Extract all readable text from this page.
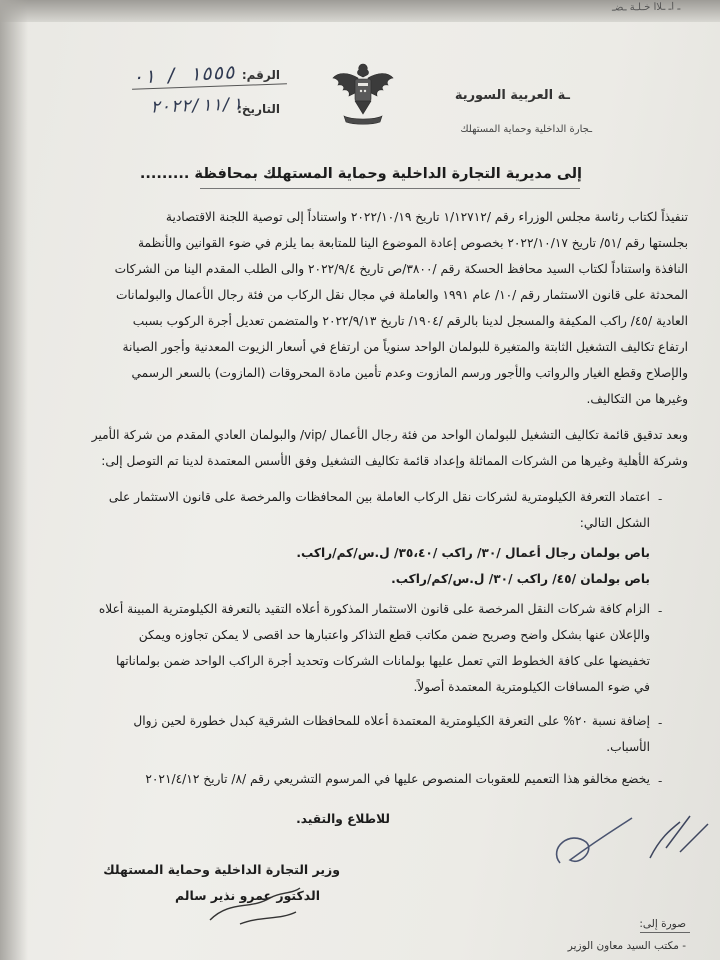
ـ اـ ـلاا خـلـة ـضـ
ـة العربية السورية
ـجارة الداخلية وحماية المستهلك
الرقم:
١٥٥٥ / ٠١
التاريخ:
٢٠٢٢/١١/١
إلى مديرية التجارة الداخلية وحماية المستهلك بمحافظة .........
تنفيذاً لكتاب رئاسة مجلس الوزراء رقم /١/١٢٧١٢ تاريخ ٢٠٢٢/١٠/١٩ واستناداً إلى توصية اللجنة الاقتصادية
بجلستها رقم /٥١/ تاريخ ٢٠٢٢/١٠/١٧ بخصوص إعادة الموضوع الينا للمتابعة بما يلزم في ضوء القوانين والأنظمة
النافذة واستناداً لكتاب السيد محافظ الحسكة رقم /٣٨٠٠/ص تاريخ ٢٠٢٢/٩/٤ والى الطلب المقدم الينا من الشركات
المحدثة على قانون الاستثمار رقم /١٠/ عام ١٩٩١ والعاملة في مجال نقل الركاب من فئة رجال الأعمال والبولمانات
العادية /٤٥/ راكب المكيفة والمسجل لدينا بالرقم /١٩٠٤/ تاريخ ٢٠٢٢/٩/١٣ والمتضمن تعديل أجرة الركوب بسبب
ارتفاع تكاليف التشغيل الثابتة والمتغيرة للبولمان الواحد سنوياً من ارتفاع في أسعار الزيوت المعدنية وأجور الصيانة
والإصلاح وقطع الغيار والرواتب والأجور ورسم المازوت وعدم تأمين مادة المحروقات (المازوت) بالسعر الرسمي
وغيرها من التكاليف.
وبعد تدقيق قائمة تكاليف التشغيل للبولمان الواحد من فئة رجال الأعمال /vip/ والبولمان العادي المقدم من شركة الأمير
وشركة الأهلية وغيرها من الشركات المماثلة وإعداد قائمة تكاليف التشغيل وفق الأسس المعتمدة لدينا تم التوصل إلى:
-
اعتماد التعرفة الكيلومترية لشركات نقل الركاب العاملة بين المحافظات والمرخصة على قانون الاستثمار على
الشكل التالي:
باص بولمان رجال أعمال /٣٠/ راكب /٣٥،٤٠/ ل.س/كم/راكب.
باص بولمان /٤٥/ راكب /٣٠/ ل.س/كم/راكب.
-
الزام كافة شركات النقل المرخصة على قانون الاستثمار المذكورة أعلاه التقيد بالتعرفة الكيلومترية المبينة أعلاه
والإعلان عنها بشكل واضح وصريح ضمن مكاتب قطع التذاكر واعتبارها حد اقصى لا يمكن تجاوزه ويمكن
تخفيضها على كافة الخطوط التي تعمل عليها بولمانات الشركات وتحديد أجرة الراكب الواحد ضمن بولماناتها
في ضوء المسافات الكيلومترية المعتمدة أصولاً.
-
إضافة نسبة ٢٠% على التعرفة الكيلومترية المعتمدة أعلاه للمحافظات الشرقية كبدل خطورة لحين زوال
الأسباب.
-
يخضع مخالفو هذا التعميم للعقوبات المنصوص عليها في المرسوم التشريعي رقم /٨/ تاريخ ٢٠٢١/٤/١٢
للاطلاع والتقيد.
وزير التجارة الداخلية وحماية المستهلك
الدكتور عمرو نذير سالم
صورة إلى:
- مكتب السيد معاون الوزير
